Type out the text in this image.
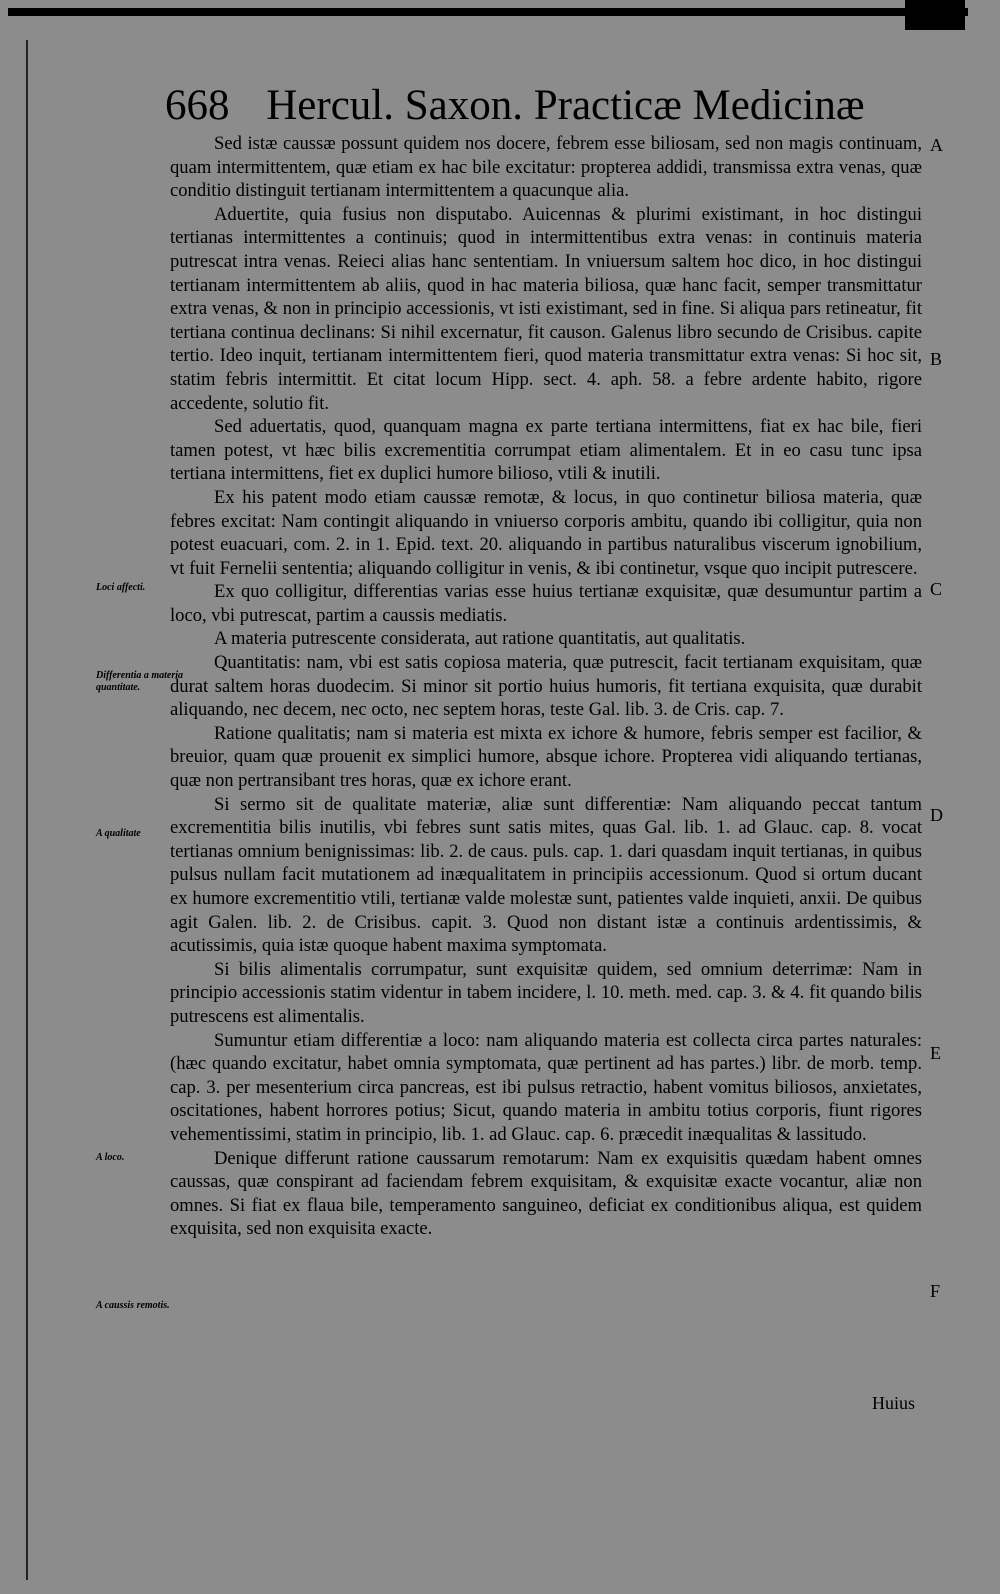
668 Hercul. Saxon. Practicæ Medicinæ

Sed istæ caussæ possunt quidem nos docere, febrem esse biliosam, sed non magis continuam, quam intermittentem, quæ etiam ex hac bile excitatur: propterea addidi, transmissa extra venas, quæ conditio distinguit tertianam intermittentem a quacunque alia.

Aduertite, quia fusius non disputabo. Auicennas & plurimi existimant, in hoc distingui tertianas intermittentes a continuis; quod in intermittentibus extra venas: in continuis materia putrescat intra venas. Reieci alias hanc sententiam. In vniuersum saltem hoc dico, in hoc distingui tertianam intermittentem ab aliis, quod in hac materia biliosa, quæ hanc facit, semper transmittatur extra venas, & non in principio accessionis, vt isti existimant, sed in fine. Si aliqua pars retineatur, fit tertiana continua declinans: Si nihil excernatur, fit causon. Galenus libro secundo de Crisibus. capite tertio. Ideo inquit, tertianam intermittentem fieri, quod materia transmittatur extra venas: Si hoc sit, statim febris intermittit. Et citat locum Hipp. sect. 4. aph. 58. a febre ardente habito, rigore accedente, solutio fit.

Sed aduertatis, quod, quanquam magna ex parte tertiana intermittens, fiat ex hac bile, fieri tamen potest, vt hæc bilis excrementitia corrumpat etiam alimentalem. Et in eo casu tunc ipsa tertiana intermittens, fiet ex duplici humore bilioso, vtili & inutili.

Ex his patent modo etiam caussæ remotæ, & locus, in quo continetur biliosa materia, quæ febres excitat: Nam contingit aliquando in vniuerso corporis ambitu, quando ibi colligitur, quia non potest euacuari, com. 2. in 1. Epid. text. 20. aliquando in partibus naturalibus viscerum ignobilium, vt fuit Fernelii sententia; aliquando colligitur in venis, & ibi continetur, vsque quo incipit putrescere.

Ex quo colligitur, differentias varias esse huius tertianæ exquisitæ, quæ desumuntur partim a loco, vbi putrescat, partim a caussis mediatis.

A materia putrescente considerata, aut ratione quantitatis, aut qualitatis.

Quantitatis: nam, vbi est satis copiosa materia, quæ putrescit, facit tertianam exquisitam, quæ durat saltem horas duodecim. Si minor sit portio huius humoris, fit tertiana exquisita, quæ durabit aliquando, nec decem, nec octo, nec septem horas, teste Gal. lib. 3. de Cris. cap. 7.

Ratione qualitatis; nam si materia est mixta ex ichore & humore, febris semper est facilior, & breuior, quam quæ prouenit ex simplici humore, absque ichore. Propterea vidi aliquando tertianas, quæ non pertransibant tres horas, quæ ex ichore erant.

Si sermo sit de qualitate materiæ, aliæ sunt differentiæ: Nam aliquando peccat tantum excrementitia bilis inutilis, vbi febres sunt satis mites, quas Gal. lib. 1. ad Glauc. cap. 8. vocat tertianas omnium benignissimas: lib. 2. de caus. puls. cap. 1. dari quasdam inquit tertianas, in quibus pulsus nullam facit mutationem ad inæqualitatem in principiis accessionum. Quod si ortum ducant ex humore excrementitio vtili, tertianæ valde molestæ sunt, patientes valde inquieti, anxii. De quibus agit Galen. lib. 2. de Crisibus. capit. 3. Quod non distant istæ a continuis ardentissimis, & acutissimis, quia istæ quoque habent maxima symptomata.

Si bilis alimentalis corrumpatur, sunt exquisitæ quidem, sed omnium deterrimæ: Nam in principio accessionis statim videntur in tabem incidere, l. 10. meth. med. cap. 3. & 4. fit quando bilis putrescens est alimentalis.

Sumuntur etiam differentiæ a loco: nam aliquando materia est collecta circa partes naturales: (hæc quando excitatur, habet omnia symptomata, quæ pertinent ad has partes.) libr. de morb. temp. cap. 3. per mesenterium circa pancreas, est ibi pulsus retractio, habent vomitus biliosos, anxietates, oscitationes, habent horrores potius; Sicut, quando materia in ambitu totius corporis, fiunt rigores vehementissimi, statim in principio, lib. 1. ad Glauc. cap. 6. præcedit inæqualitas & lassitudo.

Denique differunt ratione caussarum remotarum: Nam ex exquisitis quædam habent omnes caussas, quæ conspirant ad faciendam febrem exquisitam, & exquisitæ exacte vocantur, aliæ non omnes. Si fiat ex flaua bile, temperamento sanguineo, deficiat ex conditionibus aliqua, est quidem exquisita, sed non exquisita exacte.

Loci affecti.
Differentia a materia quantitate.
A qualitate
A loco.
A caussis remotis.
A
B
C
D
E
F
Huius
